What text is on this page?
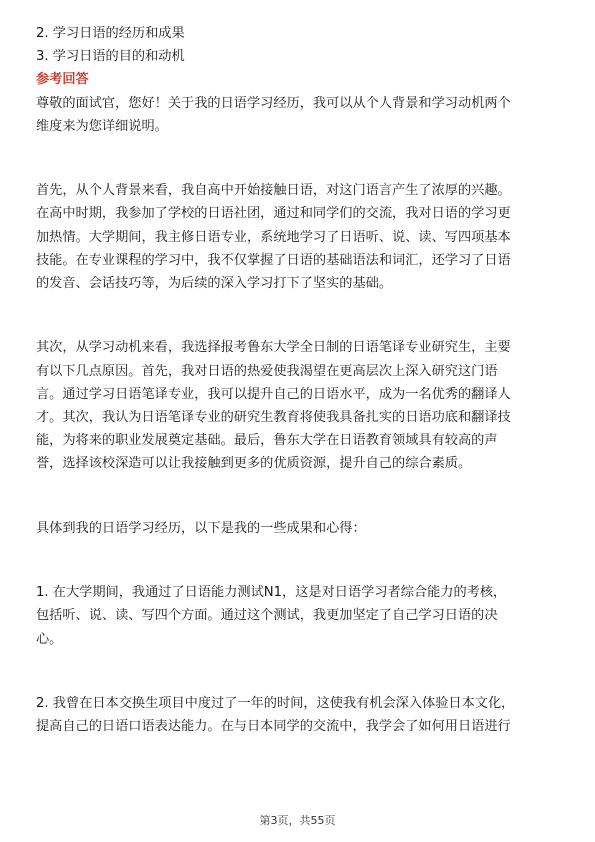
2. 学习日语的经历和成果
3. 学习日语的目的和动机
参考回答
尊敬的面试官，您好！关于我的日语学习经历，我可以从个人背景和学习动机两个
维度来为您详细说明。
首先，从个人背景来看，我自高中开始接触日语，对这门语言产生了浓厚的兴趣。
在高中时期，我参加了学校的日语社团，通过和同学们的交流，我对日语的学习更
加热情。大学期间，我主修日语专业，系统地学习了日语听、说、读、写四项基本
技能。在专业课程的学习中，我不仅掌握了日语的基础语法和词汇，还学习了日语
的发音、会话技巧等，为后续的深入学习打下了坚实的基础。
其次，从学习动机来看，我选择报考鲁东大学全日制的日语笔译专业研究生，主要
有以下几点原因。首先，我对日语的热爱使我渴望在更高层次上深入研究这门语
言。通过学习日语笔译专业，我可以提升自己的日语水平，成为一名优秀的翻译人
才。其次，我认为日语笔译专业的研究生教育将使我具备扎实的日语功底和翻译技
能，为将来的职业发展奠定基础。最后，鲁东大学在日语教育领域具有较高的声
誉，选择该校深造可以让我接触到更多的优质资源，提升自己的综合素质。
具体到我的日语学习经历，以下是我的一些成果和心得：
1. 在大学期间，我通过了日语能力测试N1，这是对日语学习者综合能力的考核，
包括听、说、读、写四个方面。通过这个测试，我更加坚定了自己学习日语的决
心。
2. 我曾在日本交换生项目中度过了一年的时间，这使我有机会深入体验日本文化，
提高自己的日语口语表达能力。在与日本同学的交流中，我学会了如何用日语进行
第3页，共55页
